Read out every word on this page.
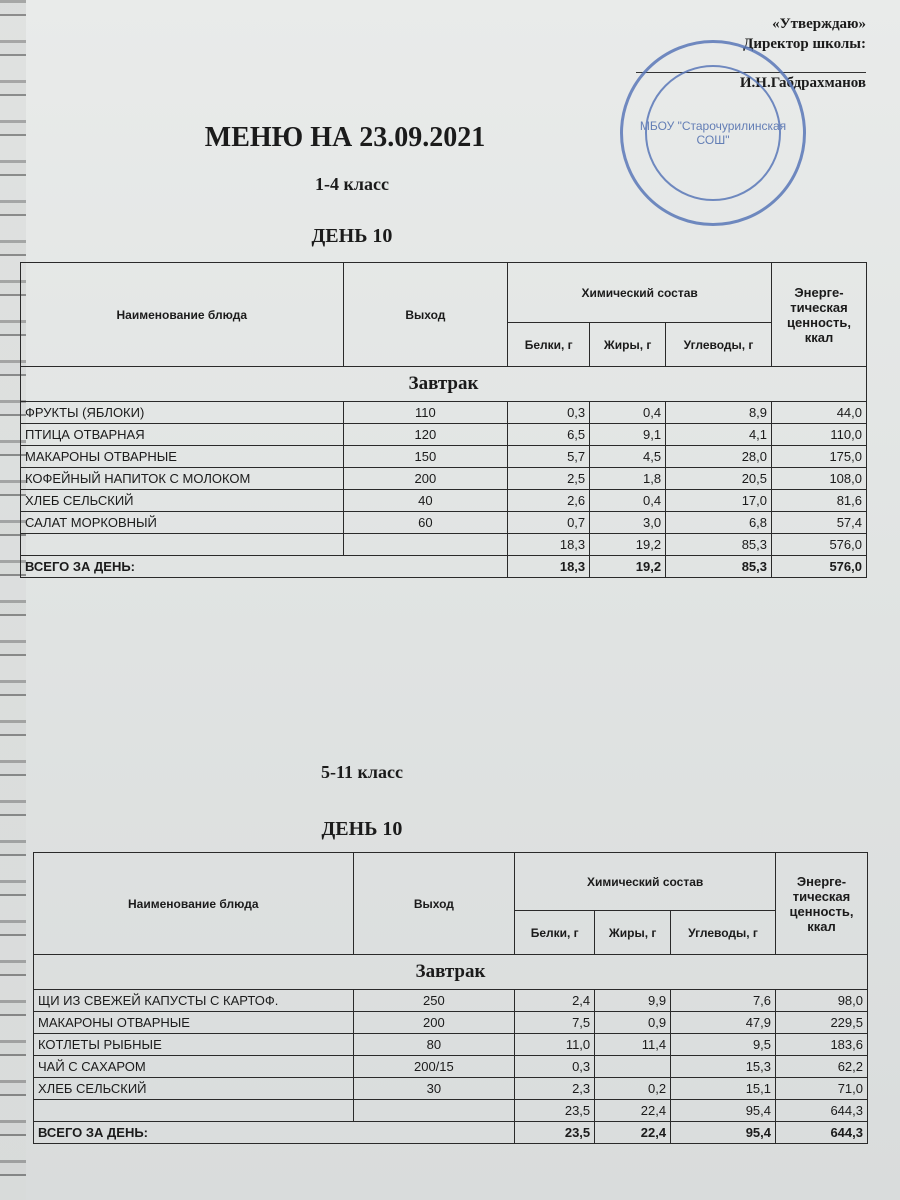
«Утверждаю»
Директор школы:
И.Н.Габдрахманов
МБОУ "Старочурилинская СОШ"
МЕНЮ НА 23.09.2021
1-4 класс
ДЕНЬ 10
Наименование блюда	Выход	Химический состав			Энерге-тическая ценность, ккал
		Белки, г	Жиры, г	Углеводы, г	
Завтрак					
ФРУКТЫ (ЯБЛОКИ)	110	0,3	0,4	8,9	44,0
ПТИЦА ОТВАРНАЯ	120	6,5	9,1	4,1	110,0
МАКАРОНЫ ОТВАРНЫЕ	150	5,7	4,5	28,0	175,0
КОФЕЙНЫЙ НАПИТОК С МОЛОКОМ	200	2,5	1,8	20,5	108,0
ХЛЕБ СЕЛЬСКИЙ	40	2,6	0,4	17,0	81,6
САЛАТ МОРКОВНЫЙ	60	0,7	3,0	6,8	57,4
		18,3	19,2	85,3	576,0
ВСЕГО ЗА ДЕНЬ:		18,3	19,2	85,3	576,0
5-11 класс
ДЕНЬ 10
Наименование блюда	Выход	Химический состав			Энерге-тическая ценность, ккал
		Белки, г	Жиры, г	Углеводы, г	
Завтрак					
ЩИ ИЗ СВЕЖЕЙ КАПУСТЫ С КАРТОФ.	250	2,4	9,9	7,6	98,0
МАКАРОНЫ ОТВАРНЫЕ	200	7,5	0,9	47,9	229,5
КОТЛЕТЫ РЫБНЫЕ	80	11,0	11,4	9,5	183,6
ЧАЙ С САХАРОМ	200/15	0,3		15,3	62,2
ХЛЕБ СЕЛЬСКИЙ	30	2,3	0,2	15,1	71,0
		23,5	22,4	95,4	644,3
ВСЕГО ЗА ДЕНЬ:		23,5	22,4	95,4	644,3
